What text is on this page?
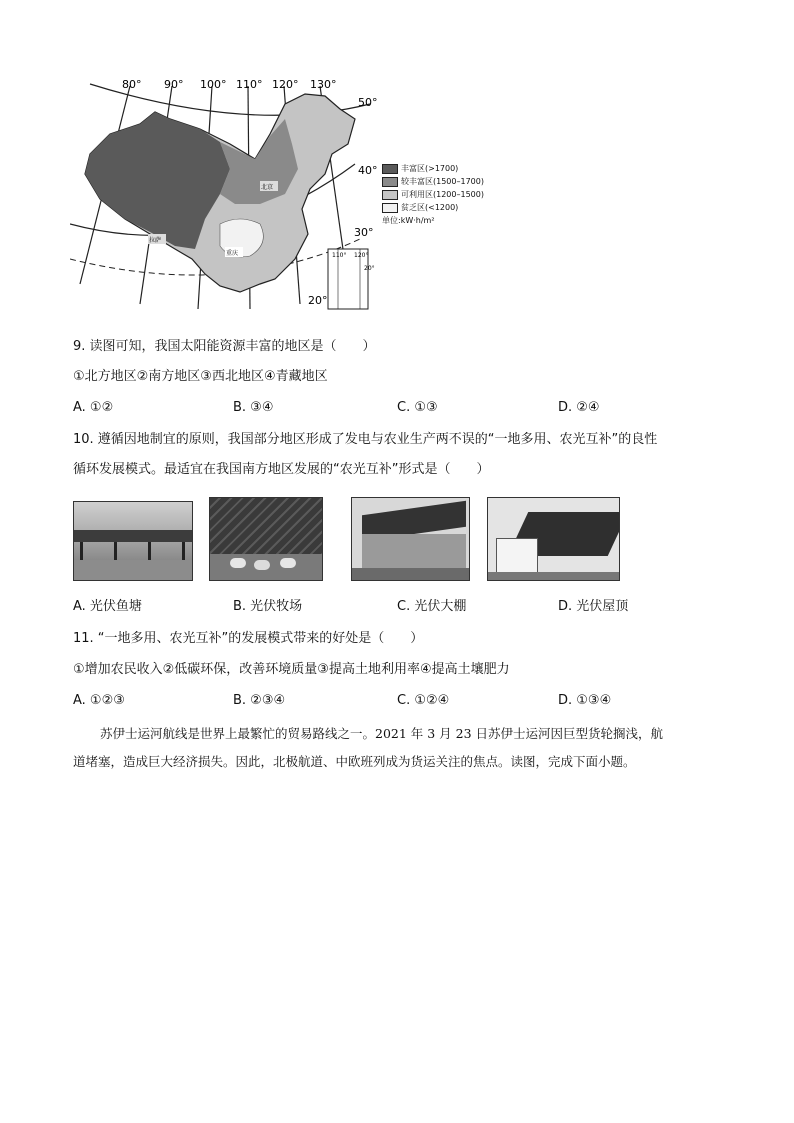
80° 90° 100° 110° 120° 130°
50°
40°
30°
20°
110° 120°
20°
北京
拉萨
重庆
丰富区(>1700)
较丰富区(1500–1700)
可利用区(1200–1500)
贫乏区(<1200)
单位:kW·h/m²
9. 读图可知，我国太阳能资源丰富的地区是（　　）
①北方地区②南方地区③西北地区④青藏地区
A. ①②	B. ③④	C. ①③	D. ②④
10. 遵循因地制宜的原则，我国部分地区形成了发电与农业生产两不误的“一地多用、农光互补”的良性
循环发展模式。最适宜在我国南方地区发展的“农光互补”形式是（　　）
A. 光伏鱼塘	B. 光伏牧场	C. 光伏大棚	D. 光伏屋顶
11. “一地多用、农光互补”的发展模式带来的好处是（　　）
①增加农民收入②低碳环保，改善环境质量③提高土地利用率④提高土壤肥力
A. ①②③	B. ②③④	C. ①②④	D. ①③④
苏伊士运河航线是世界上最繁忙的贸易路线之一。2021 年 3 月 23 日苏伊士运河因巨型货轮搁浅，航
道堵塞，造成巨大经济损失。因此，北极航道、中欧班列成为货运关注的焦点。读图，完成下面小题。
